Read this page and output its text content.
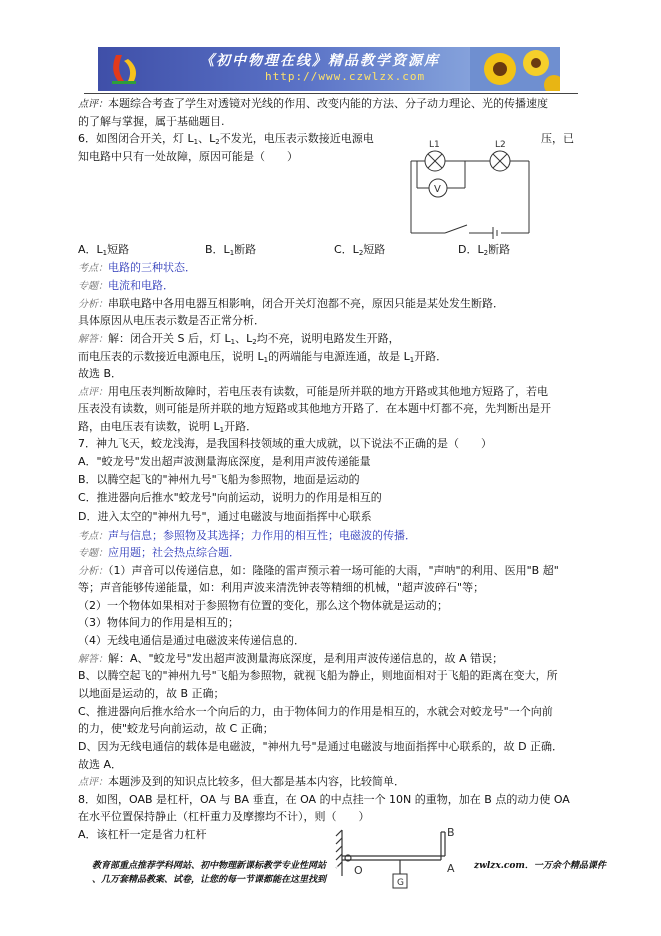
《初中物理在线》精品教学资源库
http://www.czwlzx.com
点评：本题综合考查了学生对透镜对光线的作用、改变内能的方法、分子动力理论、光的传播速度
的了解与掌握，属于基础题目.
6．如图闭合开关，灯 $L_1$、$L_2$不发光，电压表示数接近电源电	压，已
知电路中只有一处故障，原因可能是（　　）
V
L1	L2
A．$L_1$短路	B．$L_1$断路	C．$L_2$短路	D．$L_2$断路
考点：电路的三种状态．
专题：电流和电路．
分析：串联电路中各用电器互相影响，闭合开关灯泡都不亮，原因只能是某处发生断路．
具体原因从电压表示数是否正常分析．
解答：解：闭合开关 S 后，灯 $L_1$、$L_2$均不亮，说明电路发生开路，
而电压表的示数接近电源电压，说明 $L_1$的两端能与电源连通，故是 $L_1$开路．
故选 B．
点评：用电压表判断故障时，若电压表有读数，可能是所并联的地方开路或其他地方短路了，若电
压表没有读数，则可能是所并联的地方短路或其他地方开路了．在本题中灯都不亮，先判断出是开
路，由电压表有读数，说明 $L_1$开路．
7．神九飞天，蛟龙浅海，是我国科技领域的重大成就，以下说法不正确的是（　　）
A．"蛟龙号"发出超声波测量海底深度，是利用声波传递能量
B．以腾空起飞的"神州九号"飞船为参照物，地面是运动的
C．推进器向后推水"蛟龙号"向前运动，说明力的作用是相互的
D．进入太空的"神州九号"，通过电磁波与地面指挥中心联系
考点：声与信息；参照物及其选择；力作用的相互性；电磁波的传播．
专题：应用题；社会热点综合题．
分析：（1）声音可以传递信息，如：隆隆的雷声预示着一场可能的大雨，"声呐"的利用、医用"B 超"
等；声音能够传递能量，如：利用声波来清洗钟表等精细的机械，"超声波碎石"等；
（2）一个物体如果相对于参照物有位置的变化，那么这个物体就是运动的；
（3）物体间力的作用是相互的；
（4）无线电通信是通过电磁波来传递信息的．
解答：解：A、"蛟龙号"发出超声波测量海底深度，是利用声波传递信息的，故 A 错误；
B、以腾空起飞的"神州九号"飞船为参照物，就视飞船为静止，则地面相对于飞船的距离在变大，所
以地面是运动的，故 B 正确；
C、推进器向后推水给水一个向后的力，由于物体间力的作用是相互的，水就会对蛟龙号"一个向前
的力，使"蛟龙号向前运动，故 C 正确；
D、因为无线电通信的载体是电磁波，"神州九号"是通过电磁波与地面指挥中心联系的，故 D 正确．
故选 A．
点评：本题涉及到的知识点比较多，但大都是基本内容，比较简单．
8．如图，OAB 是杠杆，OA 与 BA 垂直，在 OA 的中点挂一个 10N 的重物，加在 B 点的动力使 OA
在水平位置保持静止（杠杆重力及摩擦均不计），则（　　）
A．该杠杆一定是省力杠杆
G
B
A
O
教育部重点推荐学科网站、初中物理新课标教学专业性网站.....	zwlzx.com．一万余个精品课件
、几万套精品教案、试卷，让您的每一节课都能在这里找到
